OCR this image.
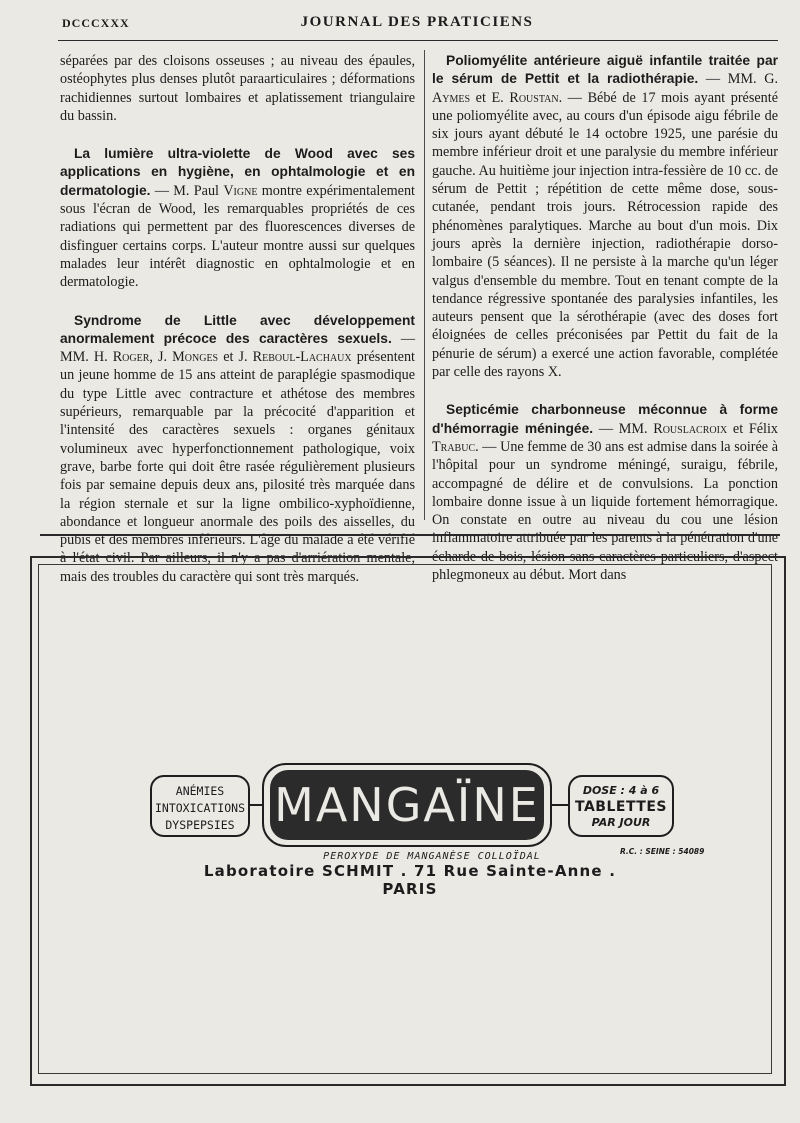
DCCCXXX	JOURNAL DES PRATICIENS

séparées par des cloisons osseuses ; au niveau des épaules, ostéophytes plus denses plutôt paraarticulaires ; déformations rachidiennes surtout lombaires et aplatissement triangulaire du bassin.

La lumière ultra-violette de Wood avec ses applications en hygiène, en ophtalmologie et en dermatologie. — M. Paul Vigne montre expérimentalement sous l'écran de Wood, les remarquables propriétés de ces radiations qui permettent par des fluorescences diverses de disfinguer certains corps. L'auteur montre aussi sur quelques malades leur intérêt diagnostic en ophtalmologie et en dermatologie.

Syndrome de Little avec développement anormalement précoce des caractères sexuels. — MM. H. Roger, J. Monges et J. Reboul-Lachaux présentent un jeune homme de 15 ans atteint de paraplégie spasmodique du type Little avec contracture et athétose des membres supérieurs, remarquable par la précocité d'apparition et l'intensité des caractères sexuels : organes génitaux volumineux avec hyperfonctionnement pathologique, voix grave, barbe forte qui doit être rasée régulièrement plusieurs fois par semaine depuis deux ans, pilosité très marquée dans la région sternale et sur la ligne ombilico-xyphoïdienne, abondance et longueur anormale des poils des aisselles, du pubis et des membres inférieurs. L'âge du malade a été vérifié à l'état civil. Par ailleurs, il n'y a pas d'arriération mentale, mais des troubles du caractère qui sont très marqués.

Poliomyélite antérieure aiguë infantile traitée par le sérum de Pettit et la radiothérapie. — MM. G. Aymes et E. Roustan. — Bébé de 17 mois ayant présenté une poliomyélite avec, au cours d'un épisode aigu fébrile de six jours ayant débuté le 14 octobre 1925, une parésie du membre inférieur droit et une paralysie du membre inférieur gauche. Au huitième jour injection intra-fessière de 10 cc. de sérum de Pettit ; répétition de cette même dose, sous-cutanée, pendant trois jours. Rétrocession rapide des phénomènes paralytiques. Marche au bout d'un mois. Dix jours après la dernière injection, radiothérapie dorso-lombaire (5 séances). Il ne persiste à la marche qu'un léger valgus d'ensemble du membre. Tout en tenant compte de la tendance régressive spontanée des paralysies infantiles, les auteurs pensent que la sérothérapie (avec des doses fort éloignées de celles préconisées par Pettit du fait de la pénurie de sérum) a exercé une action favorable, complétée par celle des rayons X.

Septicémie charbonneuse méconnue à forme d'hémorragie méningée. — MM. Rouslacroix et Félix Trabuc. — Une femme de 30 ans est admise dans la soirée à l'hôpital pour un syndrome méningé, suraigu, fébrile, accompagné de délire et de convulsions. La ponction lombaire donne issue à un liquide fortement hémorragique. On constate en outre au niveau du cou une lésion inflammatoire attribuée par les parents à la pénétration d'une écharde de bois, lésion sans caractères particuliers, d'aspect phlegmoneux au début. Mort dans

ANÉMIES
INTOXICATIONS
DYSPEPSIES MANGAÏNE	DOSE : 4 à 6
TABLETTES
PAR JOUR
PEROXYDE DE MANGANÈSE COLLOÏDAL	R.C. : SEINE : 54089
Laboratoire SCHMIT . 71 Rue Sainte-Anne . PARIS
